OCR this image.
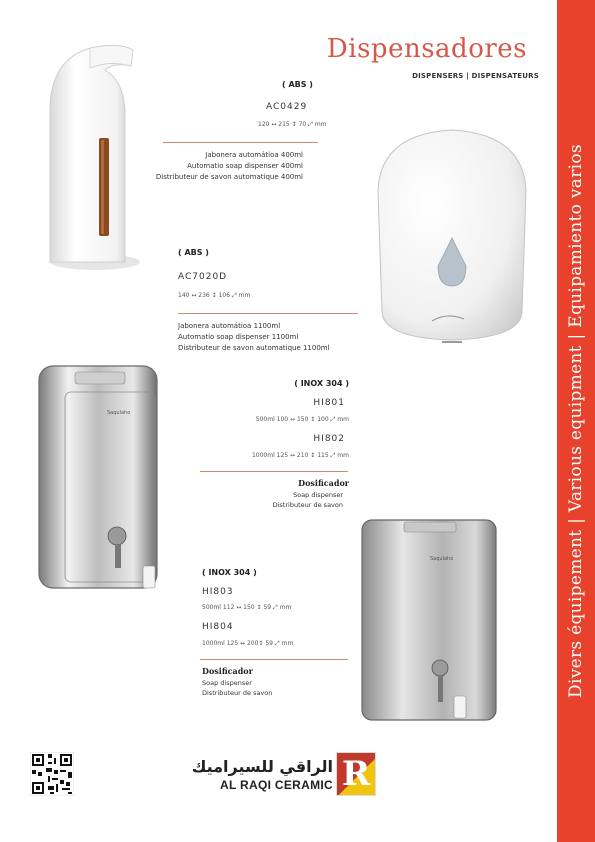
Divers équipement | Various equipment | Equipamiento varios
Dispensadores
DISPENSERS | DISPENSATEURS
Saqulaho
Saqulaho
( ABS )
AC0429
120 ↔ 215 ↕ 70 ⤢ mm
Jabonera automátioa 400ml
Automatio soap dispenser 400ml
Distributeur de savon automatique 400ml
( ABS )
AC7020D
140 ↔ 236 ↕ 106 ⤢ mm
Jabonera automátioa 1100ml
Automatio soap dispenser 1100ml
Distributeur de savon automatique 1100ml
( INOX 304 )
HI801
500ml 100 ↔ 150 ↕ 100 ⤢ mm
HI802
1000ml 125 ↔ 210 ↕ 115 ⤢ mm
Dosificador
Soap dispenser
Distributeur de savon
( INOX 304 )
HI803
500ml 112 ↔ 150 ↕ 59 ⤢ mm
HI804
1000ml 125 ↔ 200↕ 59 ⤢ mm
Dosificador
Soap dispenser
Distributeur de savon
الراقي للسيراميك
AL RAQI CERAMIC R
